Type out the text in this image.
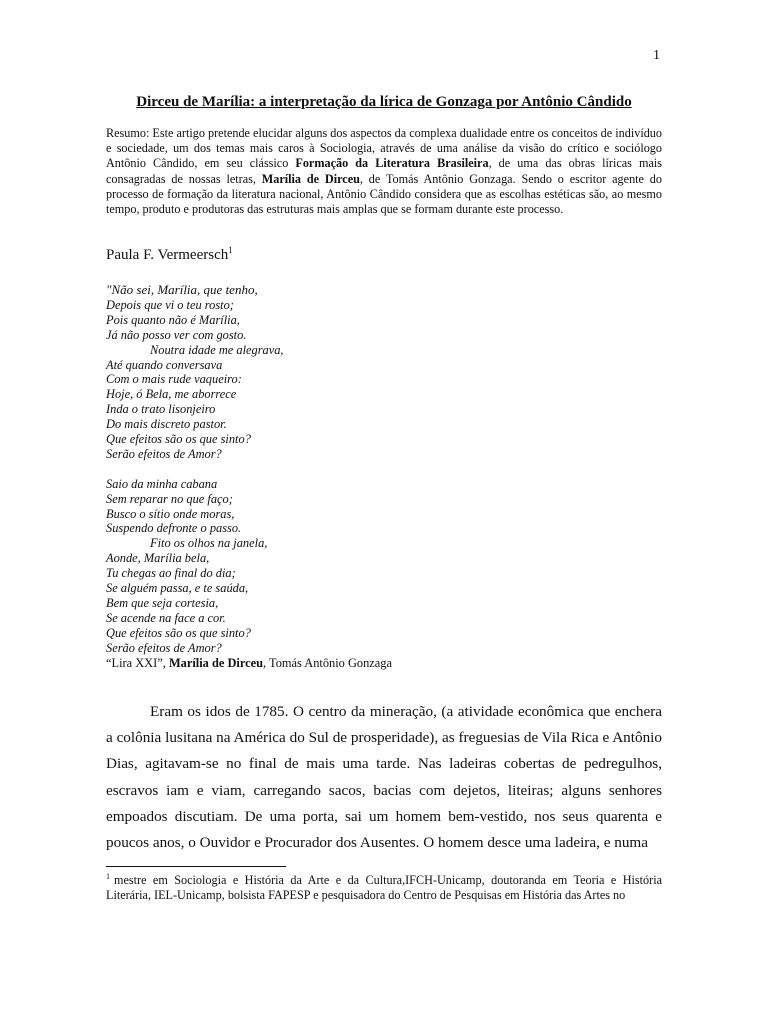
1
Dirceu de Marília: a interpretação da lírica de Gonzaga por Antônio Cândido
Resumo: Este artigo pretende elucidar alguns dos aspectos da complexa dualidade entre os conceitos de indivíduo e sociedade, um dos temas mais caros à Sociologia, através de uma análise da visão do crítico e sociólogo Antônio Cândido, em seu clássico Formação da Literatura Brasileira, de uma das obras líricas mais consagradas de nossas letras, Marília de Dirceu, de Tomás Antônio Gonzaga. Sendo o escritor agente do processo de formação da literatura nacional, Antônio Cândido considera que as escolhas estéticas são, ao mesmo tempo, produto e produtoras das estruturas mais amplas que se formam durante este processo.
Paula F. Vermeersch$^1$
"Não sei, Marília, que tenho,
Depois que vi o teu rosto;
Pois quanto não é Marília,
Já não posso ver com gosto.
Noutra idade me alegrava,
Até quando conversava
Com o mais rude vaqueiro:
Hoje, ó Bela, me aborrece
Inda o trato lisonjeiro
Do mais discreto pastor.
Que efeitos são os que sinto?
Serão efeitos de Amor?
Saio da minha cabana
Sem reparar no que faço;
Busco o sítio onde moras,
Suspendo defronte o passo.
Fito os olhos na janela,
Aonde, Marília bela,
Tu chegas ao final do dia;
Se alguém passa, e te saúda,
Bem que seja cortesia,
Se acende na face a cor.
Que efeitos são os que sinto?
Serão efeitos de Amor?
“Lira XXI”, Marília de Dirceu, Tomás Antônio Gonzaga
Eram os idos de 1785. O centro da mineração, (a atividade econômica que enchera a colônia lusitana na América do Sul de prosperidade), as freguesias de Vila Rica e Antônio Dias, agitavam-se no final de mais uma tarde. Nas ladeiras cobertas de pedregulhos, escravos iam e viam, carregando sacos, bacias com dejetos, liteiras; alguns senhores empoados discutiam. De uma porta, sai um homem bem-vestido, nos seus quarenta e poucos anos, o Ouvidor e Procurador dos Ausentes. O homem desce uma ladeira, e numa
$^1$ mestre em Sociologia e História da Arte e da Cultura,IFCH-Unicamp, doutoranda em Teoria e História Literária, IEL-Unicamp, bolsista FAPESP e pesquisadora do Centro de Pesquisas em História das Artes no
